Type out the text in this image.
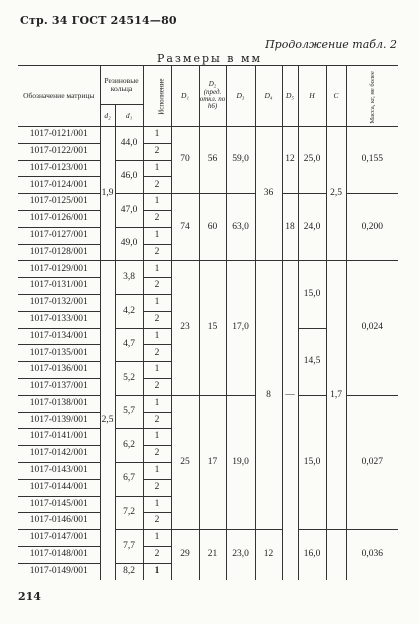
Стр. 34 ГОСТ 24514—80
Продолжение табл. 2
Размеры в мм
Обозначение матрицы	Резиновые кольца		Исполнение	D₁	D₂ (пред. откл. по h6)	D₃	D₄	D₅	H	C	Масса, кг, не более
	d₂	d₁									
1017-0121/001	1,9	44,0	1	70	56	59,0	36	12	25,0	2,5	0,155
1017-0122/001			2								
1017-0123/001		46,0	1								
1017-0124/001			2								
1017-0125/001		47,0	1	74	60	63,0		18	24,0		0,200
1017-0126/001			2								
1017-0127/001		49,0	1								
1017-0128/001			2								
1017-0129/001	2,5	3,8	1	23	15	17,0	8	—	15,0	1,7	0,024
1017-0131/001			2								
1017-0132/001		4,2	1								
1017-0133/001			2								
1017-0134/001		4,7	1						14,5		
1017-0135/001			2								
1017-0136/001		5,2	1								
1017-0137/001			2								
1017-0138/001		5,7	1	25	17	19,0			15,0		0,027
1017-0139/001			2								
1017-0141/001		6,2	1								
1017-0142/001			2								
1017-0143/001		6,7	1								
1017-0144/001			2								
1017-0145/001		7,2	1								
1017-0146/001			2								
1017-0147/001		7,7	1	29	21	23,0	12		16,0		0,036
1017-0148/001			2								
1017-0149/001		8,2	1								
214
